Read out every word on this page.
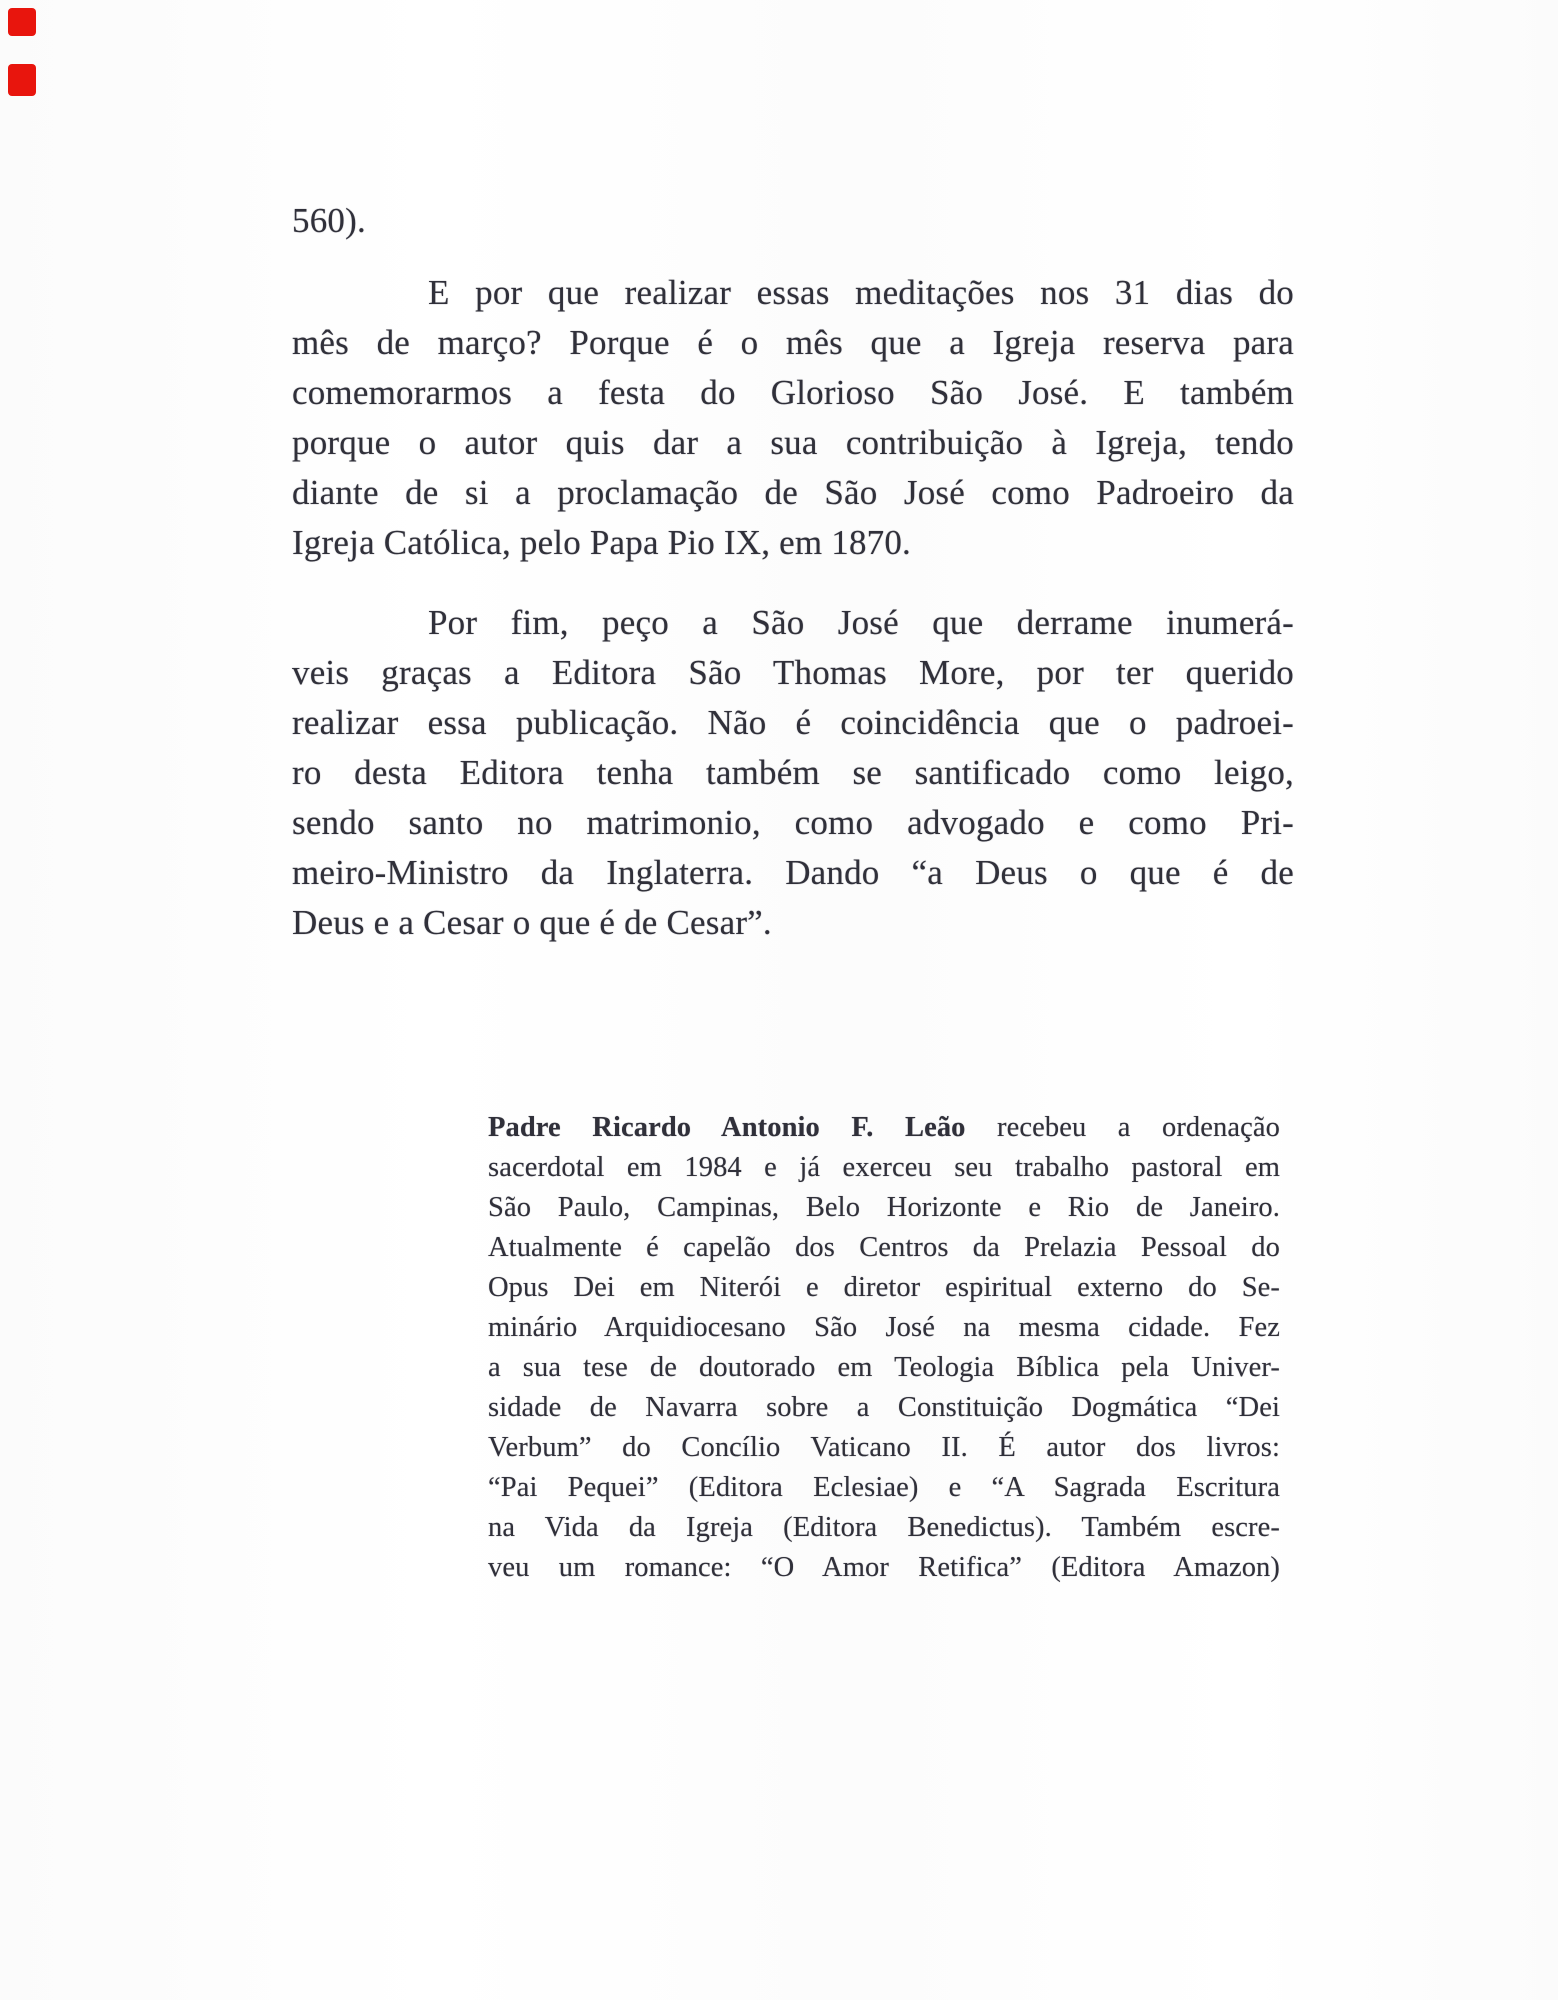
560).
E por que realizar essas meditações nos 31 dias do
mês de março? Porque é o mês que a Igreja reserva para
comemorarmos a festa do Glorioso São José. E também
porque o autor quis dar a sua contribuição à Igreja, tendo
diante de si a proclamação de São José como Padroeiro da
Igreja Católica, pelo Papa Pio IX, em 1870.
Por fim, peço a São José que derrame inumerá-
veis graças a Editora São Thomas More, por ter querido
realizar essa publicação. Não é coincidência que o padroei-
ro desta Editora tenha também se santificado como leigo,
sendo santo no matrimonio, como advogado e como Pri-
meiro-Ministro da Inglaterra. Dando “a Deus o que é de
Deus e a Cesar o que é de Cesar”.
Padre Ricardo Antonio F. Leão recebeu a ordenação
sacerdotal em 1984 e já exerceu seu trabalho pastoral em
São Paulo, Campinas, Belo Horizonte e Rio de Janeiro.
Atualmente é capelão dos Centros da Prelazia Pessoal do
Opus Dei em Niterói e diretor espiritual externo do Se-
minário Arquidiocesano São José na mesma cidade. Fez
a sua tese de doutorado em Teologia Bíblica pela Univer-
sidade de Navarra sobre a Constituição Dogmática “Dei
Verbum” do Concílio Vaticano II. É autor dos livros:
“Pai Pequei” (Editora Eclesiae) e “A Sagrada Escritura
na Vida da Igreja (Editora Benedictus). Também escre-
veu um romance: “O Amor Retifica” (Editora Amazon)
